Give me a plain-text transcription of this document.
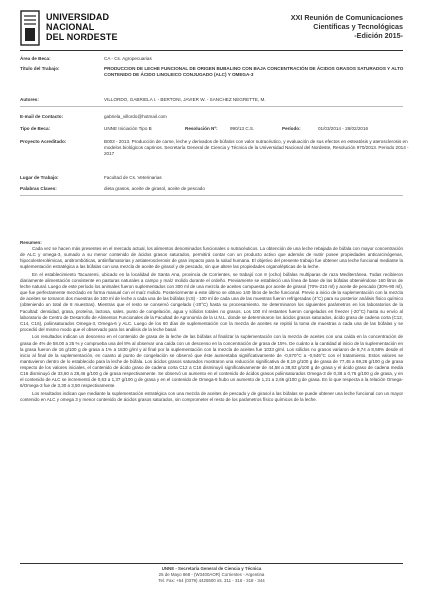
UNIVERSIDAD
NACIONAL
DEL NORDESTE
XXI Reunión de Comunicaciones
Científicas y Tecnológicas
-Edición 2015-
Área de Beca:	CA - Cs. Agropecuarias
Título del Trabajo:	PRODUCCION DE LECHE FUNCIONAL DE ORIGEN BUBALINO CON BAJA CONCENTRACIÓN DE ÁCIDOS GRASOS SATURADOS Y ALTO CONTENIDO DE ÁCIDO LINOLEICO CONJUGADO (ALC) Y OMEGA-3
Autores:	VILLORDO, GABRIELA I. - BERTONI, JAVIER W. - SANCHEZ NEGRETTE, M.
E-mail de Contacto:	gabriela_villordo@hotmail.com
Tipo de Beca:	UNNE Iniciación Tipo B	Resolución Nº:	990/13 C.S.	Período:	01/03/2014 - 28/02/2016
Proyecto Acreditado:	B003 - 2013. Producción de carne, leche y derivados de búfalos con valor nutracéutico, y evaluación de sus efectos en esteatósis y aterosclerosis en modelos biológicos caprinos. Secretaría General de Ciencia y Técnica de la Universidad Nacional del Nordeste, Resolución 970/2013. Periodo 2014 - 2017
Lugar de Trabajo:	Facultad de Cs. Veterinarias
Palabras Claves:	dieta grasos, aceite de girasol, aceite de pescado
Resumen:

Cada vez se hacen más presentes en el mercado actual, los alimentos denominados funcionales o nutracéuticos. La obtención de una leche rebajada de búfala con mayor concentración de ALC y omega-3, sumado a su menor contenido de ácidos grasos saturados, permitirá contar con un producto activo que además de nutrir posee propiedades anticarcinógenas, hipocolesterolémicas, antitrombóticas, antiinflamatorias y antiaterosclerosis de gran impacto para la salud humana. El objetivo del presente trabajo fue obtener una leche funcional mediante la suplementación estratégica a las búfalas con una mezcla de aceite de girasol y de pescado, sin que altere las propiedades organolépticas de la leche.

En el establecimiento Tacuaremi, ubicado en la localidad de Santa Ana, provincia de Corrientes, se trabajó con 8 (ocho) búfalas multíparas de raza Mediterránea. Todas recibieron diariamente alimentación consistente en pasturas naturales a campo y maíz molido durante el ordeño. Previamente se estableció una línea de base de las búfalas obteniéndose 160 litros de leche natural. Luego de este período los animales fueron suplementados con 300 ml de una mezcla de aceites compuesta por aceite de girasol (70%-210 ml) y aceite de pescado (30%-90 ml), que fue perfectamente mezclado en forma manual con el maíz molido. Posteriormente a este último se obtuvo 140 litros de leche funcional. Previo a inicio de la suplementación con la mezcla de aceites se tomaron dos muestras de 100 ml de leche a cada una de las búfalas (n:8) - 100 ml de cada una de las muestras fueron refrigeradas (4°C) para su posterior análisis físico químico (obteniendo un total de 8 muestras). Mientras que el resto se conservó congelado (-20°C) hasta su procesamiento. Se determinaron los siguientes parámetros en los laboratorios de la Facultad: densidad, grasa, proteína, lactosa, sales, punto de congelación, agua y sólidos totales no grasos. Los 100 ml restantes fueron congelados en freezer (-20°C) hasta su envío al laboratorio de Centro de Desarrollo de Alimentos Funcionales de la Facultad de Agronomía de la U.N.L. donde se determinaron los ácidos grasos saturados, ácido graso de cadena corta (C12, C14, C16), poliinsaturados Omega-3, Omega-6 y ALC. Luego de los 60 días de suplementación con la mezcla de aceites se repitió la toma de muestras a cada una de las búfalas y se procedió del mismo modo que el observado para los análisis de la leche basal.

Los resultados indican un descenso en el contenido de grasa de la leche de las búfalas al finalizar la suplementación con la mezcla de aceites con una caída en la concentración de grasa de 4% de 58.00 a 25 % y comprueba una del 8% al observar una caída con un descenso en la concentración de grasa de 15%. De cuánto a la cantidad al inicio de la suplementación en la grasa fueron de 16 g/100 g de grasa a 1% a 1630 g/ml y al final por la suplementación con la mezcla de aceites fue 1033 g/ml. Los sólidos no grasos variaron de 8,74 a 8,58% desde el inicio al final de la suplementación, en cuanto al punto de congelación se observó que éste aumentaba significativamente de -0,570°C a -0,546°C con el tratamiento. Estos valores se mantuvieron dentro de lo establecido para la leche de búfala. Los ácidos grasos saturados mostraron una reducción significativa de 8,19 g/100 g de grasa de 77,45 a 69,26 g/100 g de grasa respecto de los valores iniciales, el contenido de ácido graso de cadena corta C12 a C16 disminuyó significativamente de 44,58 a 38,83 g/100 g de grasa y el ácido graso de cadena media C16 disminuyó de 33,60 a 28,46 g/100 g de grasa respectivamente. Se observó un aumento en el contenido de ácidos grasos poliinsaturados Omega-3 de 0,38 a 0,76 g/100 g de grasa, y en el contenido de ALC se incrementó de 0,63 a 1,37 g/100 g de grasa y en el contenido de Omega-6 hubo un aumento de 1,21 a 2,66 g/100 g de grasa. En lo que respecta a la relación Omega-6/Omega-3 fue de 3,30 a 3,50 respectivamente.

Los resultados indican que mediante la suplementación estratégica con una mezcla de aceites de pescado y de girasol a las búfalas se puede obtener una leche funcional con un mayor contenido en ALC y omega 3 y menor contenido de ácidos grasos saturados, sin comprometer el resto de los parámetros físico químicos de la leche.

UNNE - Secretaría General de Ciencia y Técnica
25 de Mayo 868 - (W3400AOR) Corrientes - Argentina
Tel. Fax: +54 (0379) 4425500 int. 311 - 316 - 318 - 344
